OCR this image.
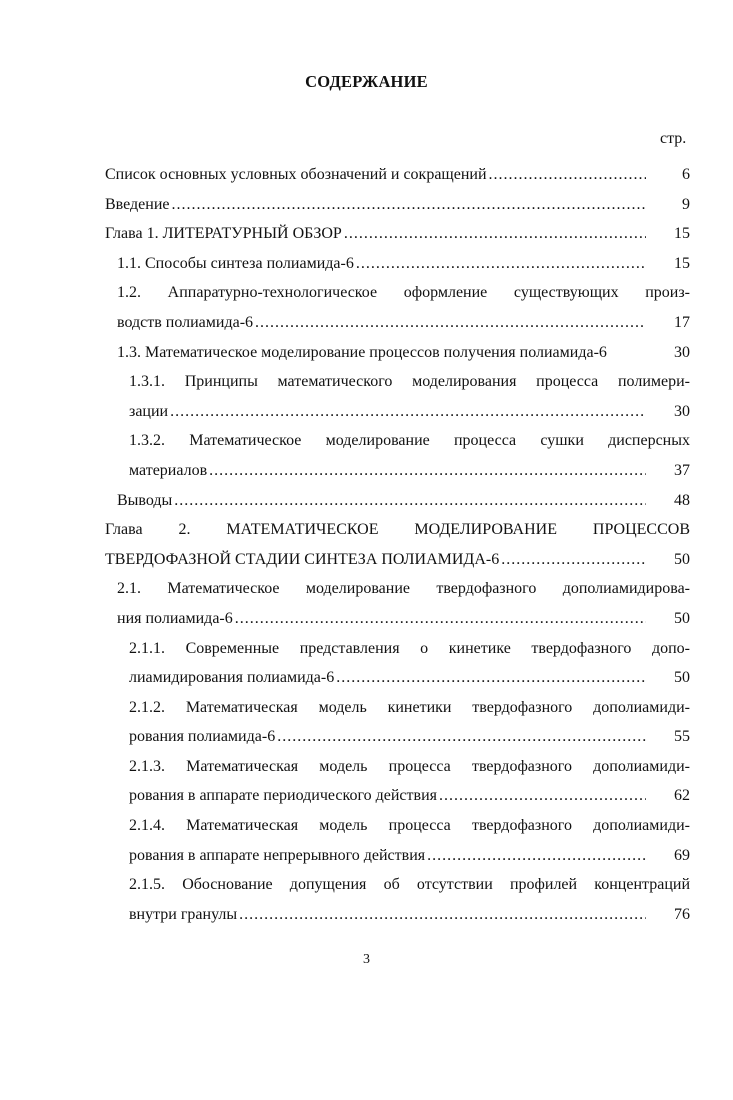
СОДЕРЖАНИЕ
стр.
Список основных условных обозначений и сокращений .....	6
Введение .....	9
Глава 1. ЛИТЕРАТУРНЫЙ ОБЗОР .....	15
1.1. Способы синтеза полиамида-6 .....	15
1.2. Аппаратурно-технологическое оформление существующих произ-
водств полиамида-6 .....	17
1.3. Математическое моделирование процессов получения полиамида-6	30
1.3.1. Принципы математического моделирования процесса полимери-
зации .....	30
1.3.2. Математическое моделирование процесса сушки дисперсных
материалов .....	37
Выводы .....	48
Глава 2. МАТЕМАТИЧЕСКОЕ МОДЕЛИРОВАНИЕ ПРОЦЕССОВ
ТВЕРДОФАЗНОЙ СТАДИИ СИНТЕЗА ПОЛИАМИДА-6 .....	50
2.1. Математическое моделирование твердофазного дополиамидирова-
ния полиамида-6 .....	50
2.1.1. Современные представления о кинетике твердофазного допо-
лиамидирования полиамида-6 .....	50
2.1.2. Математическая модель кинетики твердофазного дополиамиди-
рования полиамида-6 .....	55
2.1.3. Математическая модель процесса твердофазного дополиамиди-
рования в аппарате периодического действия .....	62
2.1.4. Математическая модель процесса твердофазного дополиамиди-
рования в аппарате непрерывного действия .....	69
2.1.5. Обоснование допущения об отсутствии профилей концентраций
внутри гранулы .....	76
3
